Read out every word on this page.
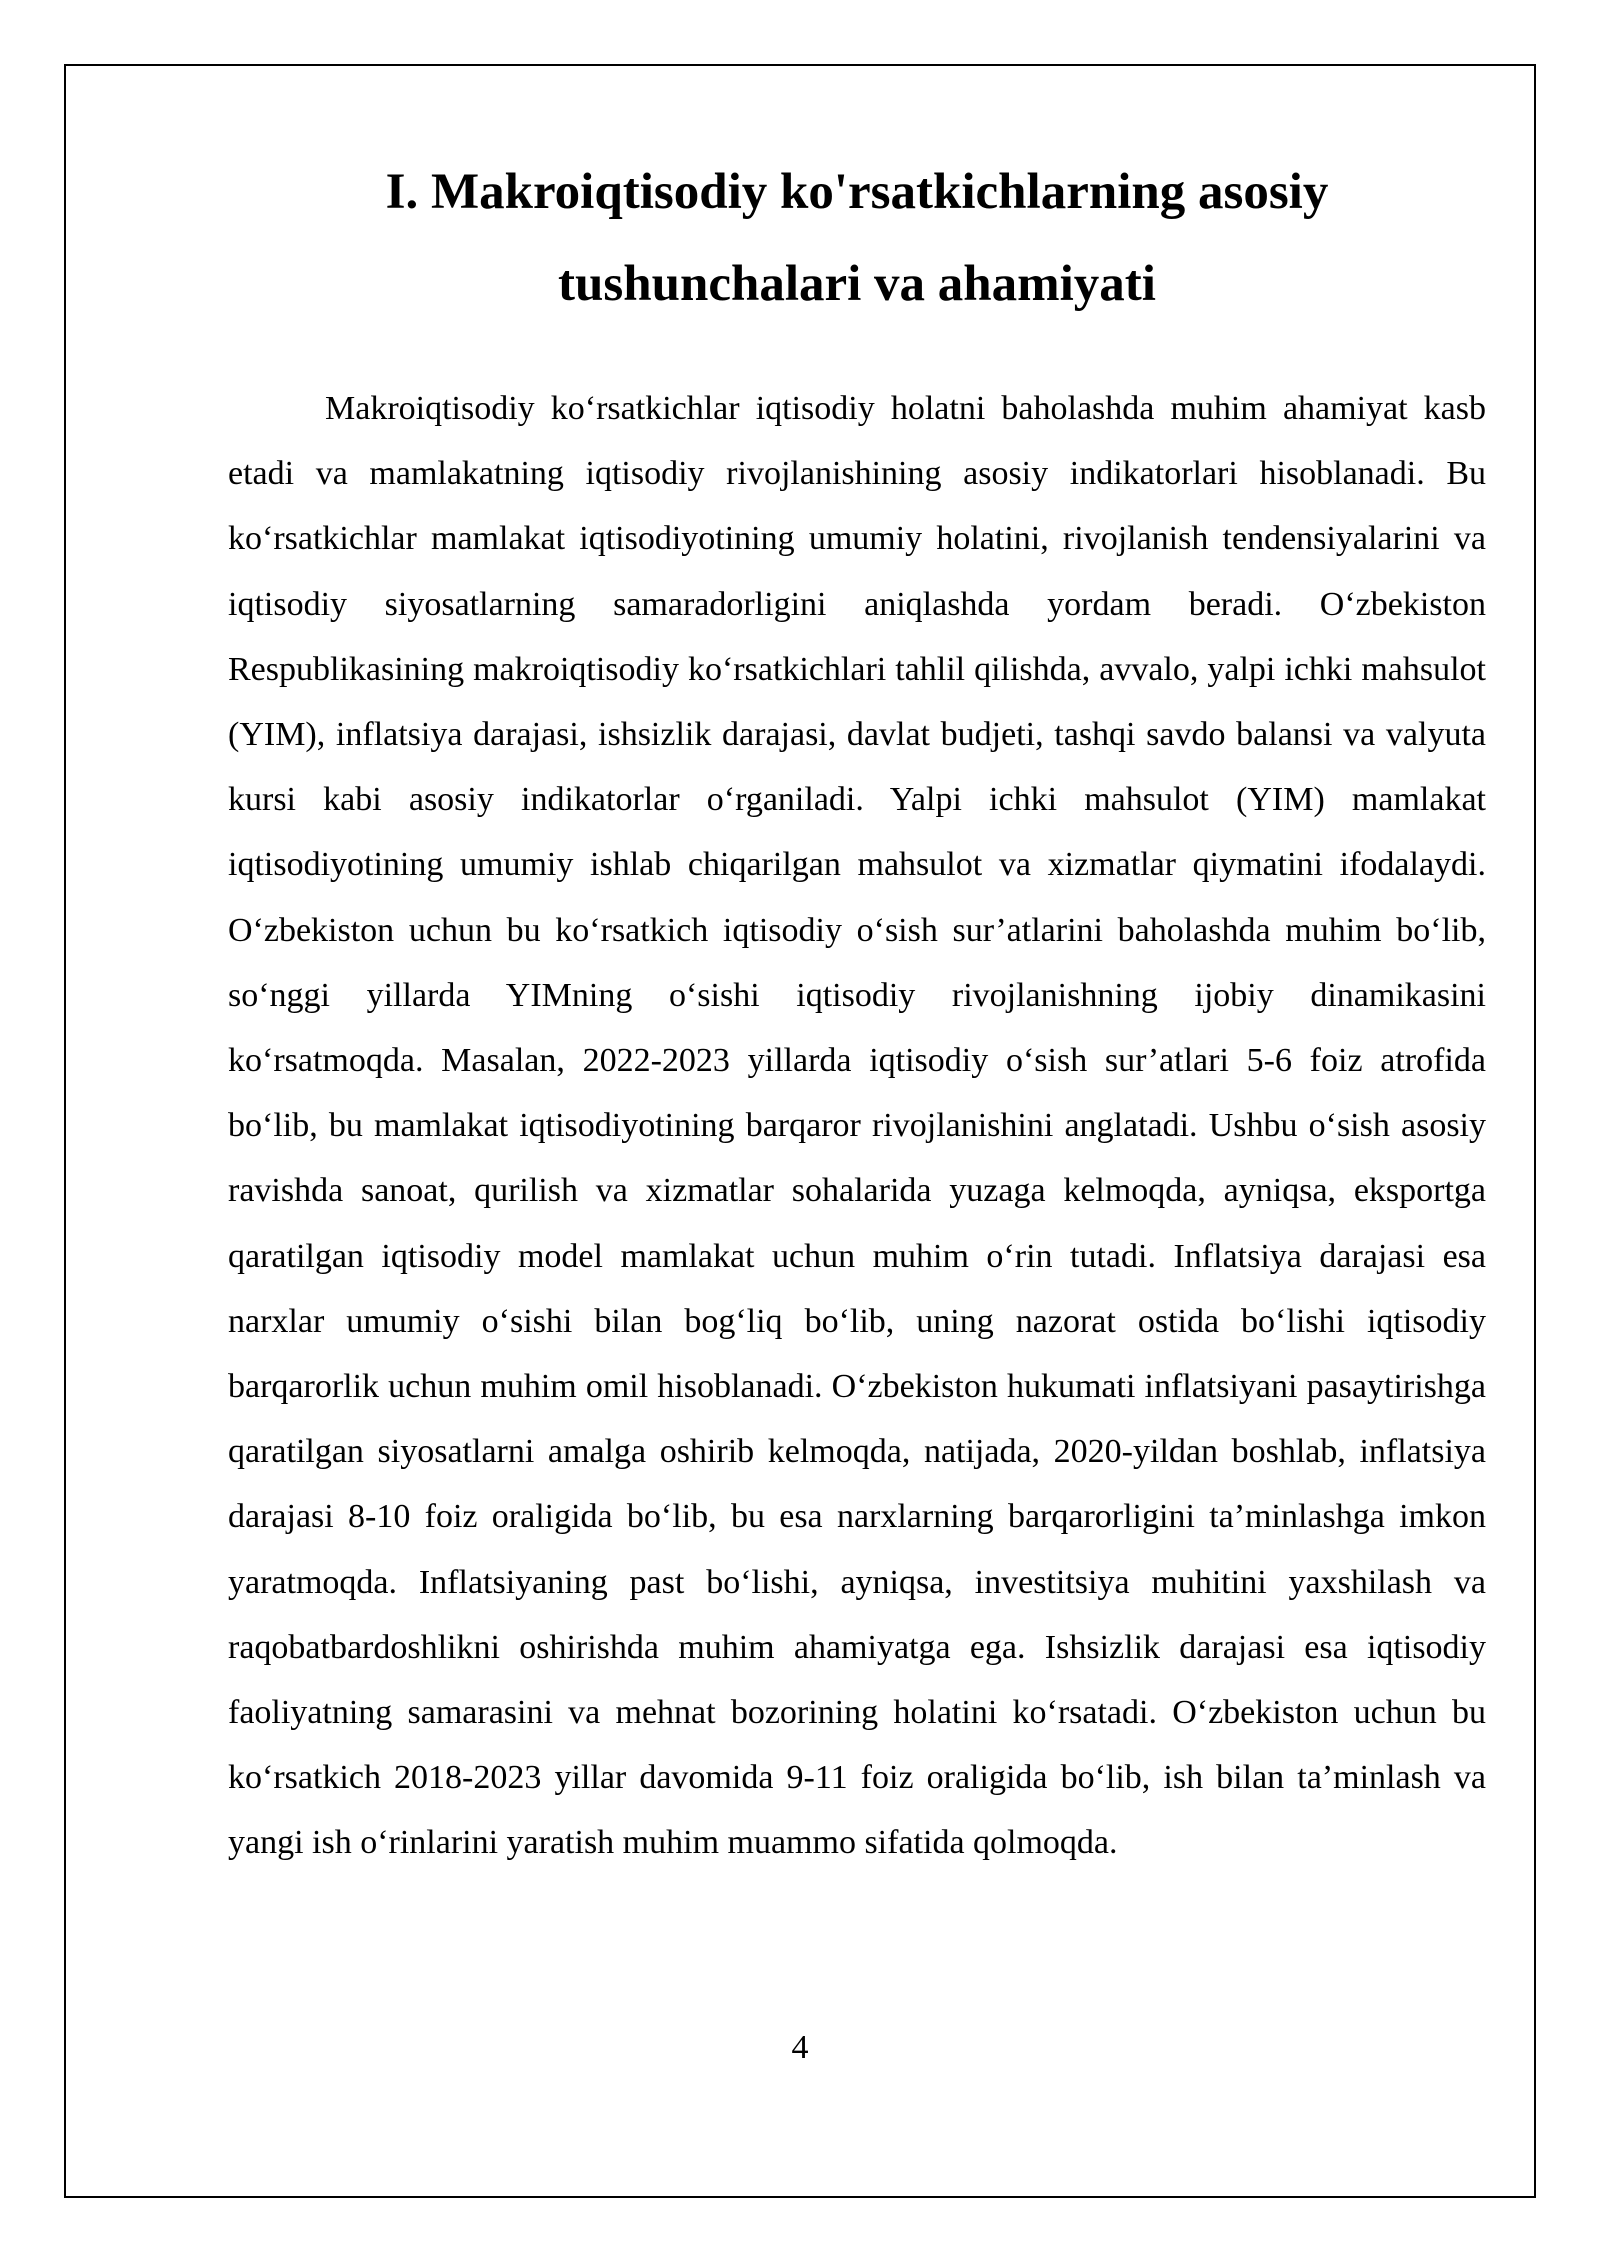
I. Makroiqtisodiy ko'rsatkichlarning asosiy
tushunchalari va ahamiyati

Makroiqtisodiy ko‘rsatkichlar iqtisodiy holatni baholashda muhim ahamiyat kasb etadi va mamlakatning iqtisodiy rivojlanishining asosiy indikatorlari hisoblanadi. Bu ko‘rsatkichlar mamlakat iqtisodiyotining umumiy holatini, rivojlanish tendensiyalarini va iqtisodiy siyosatlarning samaradorligini aniqlashda yordam beradi. O‘zbekiston Respublikasining makroiqtisodiy ko‘rsatkichlari tahlil qilishda, avvalo, yalpi ichki mahsulot (YIM), inflatsiya darajasi, ishsizlik darajasi, davlat budjeti, tashqi savdo balansi va valyuta kursi kabi asosiy indikatorlar o‘rganiladi. Yalpi ichki mahsulot (YIM) mamlakat iqtisodiyotining umumiy ishlab chiqarilgan mahsulot va xizmatlar qiymatini ifodalaydi. O‘zbekiston uchun bu ko‘rsatkich iqtisodiy o‘sish sur’atlarini baholashda muhim bo‘lib, so‘nggi yillarda YIMning o‘sishi iqtisodiy rivojlanishning ijobiy dinamikasini ko‘rsatmoqda. Masalan, 2022-2023 yillarda iqtisodiy o‘sish sur’atlari 5-6 foiz atrofida bo‘lib, bu mamlakat iqtisodiyotining barqaror rivojlanishini anglatadi. Ushbu o‘sish asosiy ravishda sanoat, qurilish va xizmatlar sohalarida yuzaga kelmoqda, ayniqsa, eksportga qaratilgan iqtisodiy model mamlakat uchun muhim o‘rin tutadi. Inflatsiya darajasi esa narxlar umumiy o‘sishi bilan bog‘liq bo‘lib, uning nazorat ostida bo‘lishi iqtisodiy barqarorlik uchun muhim omil hisoblanadi. O‘zbekiston hukumati inflatsiyani pasaytirishga qaratilgan siyosatlarni amalga oshirib kelmoqda, natijada, 2020-yildan boshlab, inflatsiya darajasi 8-10 foiz oraligida bo‘lib, bu esa narxlarning barqarorligini ta’minlashga imkon yaratmoqda. Inflatsiyaning past bo‘lishi, ayniqsa, investitsiya muhitini yaxshilash va raqobatbardoshlikni oshirishda muhim ahamiyatga ega. Ishsizlik darajasi esa iqtisodiy faoliyatning samarasini va mehnat bozorining holatini ko‘rsatadi. O‘zbekiston uchun bu ko‘rsatkich 2018-2023 yillar davomida 9-11 foiz oraligida bo‘lib, ish bilan ta’minlash va yangi ish o‘rinlarini yaratish muhim muammo sifatida qolmoqda.

4
